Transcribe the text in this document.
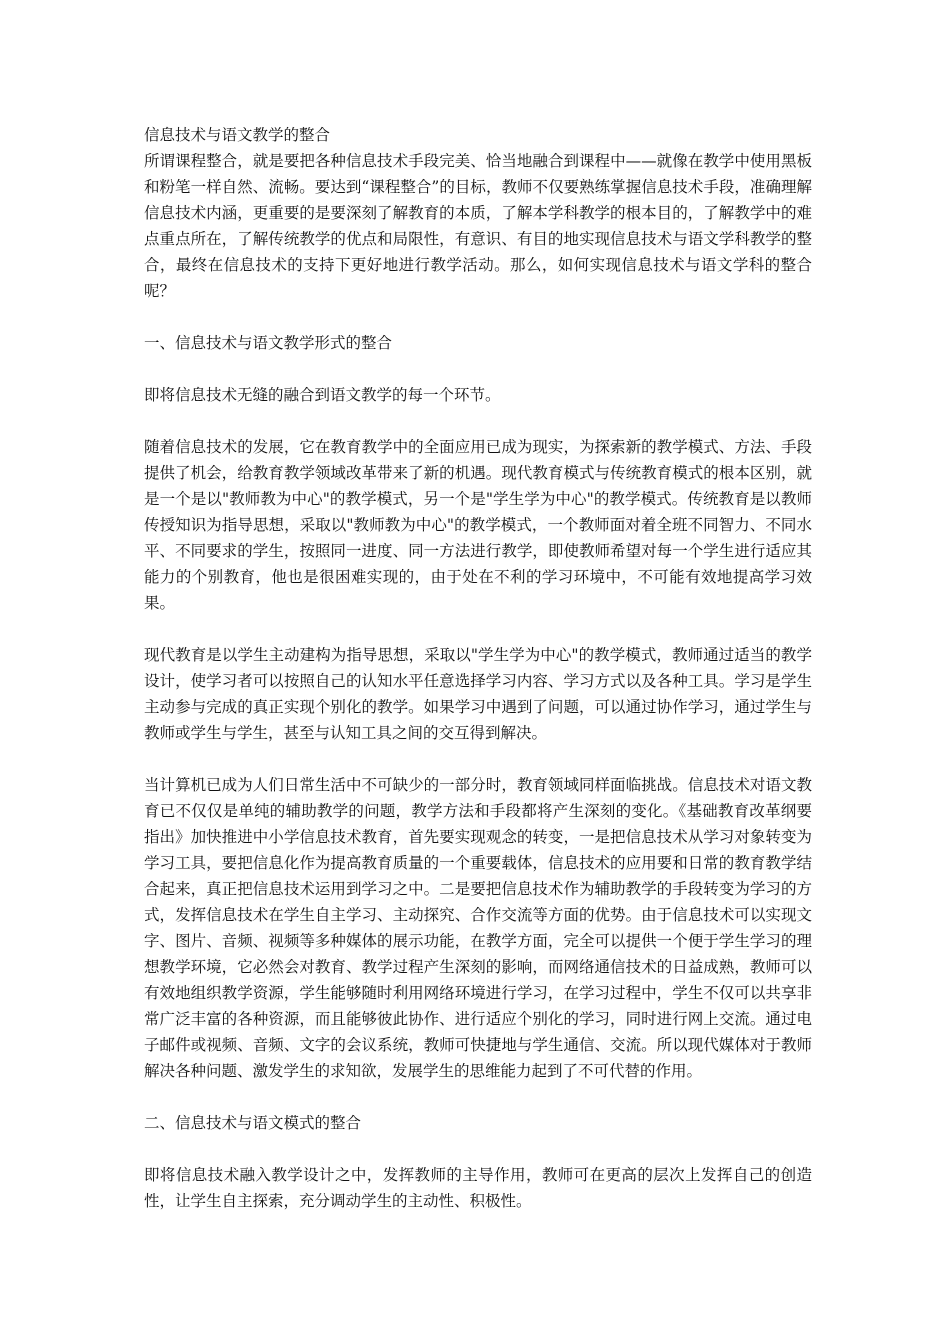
信息技术与语文教学的整合

所谓课程整合，就是要把各种信息技术手段完美、恰当地融合到课程中——就像在教学中使用黑板和粉笔一样自然、流畅。要达到“课程整合”的目标，教师不仅要熟练掌握信息技术手段，准确理解信息技术内涵，更重要的是要深刻了解教育的本质，了解本学科教学的根本目的，了解教学中的难点重点所在，了解传统教学的优点和局限性，有意识、有目的地实现信息技术与语文学科教学的整合，最终在信息技术的支持下更好地进行教学活动。那么，如何实现信息技术与语文学科的整合呢？

一、信息技术与语文教学形式的整合

即将信息技术无缝的融合到语文教学的每一个环节。

随着信息技术的发展，它在教育教学中的全面应用已成为现实，为探索新的教学模式、方法、手段提供了机会，给教育教学领域改革带来了新的机遇。现代教育模式与传统教育模式的根本区别，就是一个是以"教师教为中心"的教学模式，另一个是"学生学为中心"的教学模式。传统教育是以教师传授知识为指导思想，采取以"教师教为中心"的教学模式，一个教师面对着全班不同智力、不同水平、不同要求的学生，按照同一进度、同一方法进行教学，即使教师希望对每一个学生进行适应其能力的个别教育，他也是很困难实现的，由于处在不利的学习环境中，不可能有效地提高学习效果。

现代教育是以学生主动建构为指导思想，采取以"学生学为中心"的教学模式，教师通过适当的教学设计，使学习者可以按照自己的认知水平任意选择学习内容、学习方式以及各种工具。学习是学生主动参与完成的真正实现个别化的教学。如果学习中遇到了问题，可以通过协作学习，通过学生与教师或学生与学生，甚至与认知工具之间的交互得到解决。

当计算机已成为人们日常生活中不可缺少的一部分时，教育领域同样面临挑战。信息技术对语文教育已不仅仅是单纯的辅助教学的问题，教学方法和手段都将产生深刻的变化。《基础教育改革纲要指出》加快推进中小学信息技术教育，首先要实现观念的转变，一是把信息技术从学习对象转变为学习工具，要把信息化作为提高教育质量的一个重要载体，信息技术的应用要和日常的教育教学结合起来，真正把信息技术运用到学习之中。二是要把信息技术作为辅助教学的手段转变为学习的方式，发挥信息技术在学生自主学习、主动探究、合作交流等方面的优势。由于信息技术可以实现文字、图片、音频、视频等多种媒体的展示功能，在教学方面，完全可以提供一个便于学生学习的理想教学环境，它必然会对教育、教学过程产生深刻的影响，而网络通信技术的日益成熟，教师可以有效地组织教学资源，学生能够随时利用网络环境进行学习，在学习过程中，学生不仅可以共享非常广泛丰富的各种资源，而且能够彼此协作、进行适应个别化的学习，同时进行网上交流。通过电子邮件或视频、音频、文字的会议系统，教师可快捷地与学生通信、交流。所以现代媒体对于教师解决各种问题、激发学生的求知欲，发展学生的思维能力起到了不可代替的作用。

二、信息技术与语文模式的整合

即将信息技术融入教学设计之中，发挥教师的主导作用，教师可在更高的层次上发挥自己的创造性，让学生自主探索，充分调动学生的主动性、积极性。
